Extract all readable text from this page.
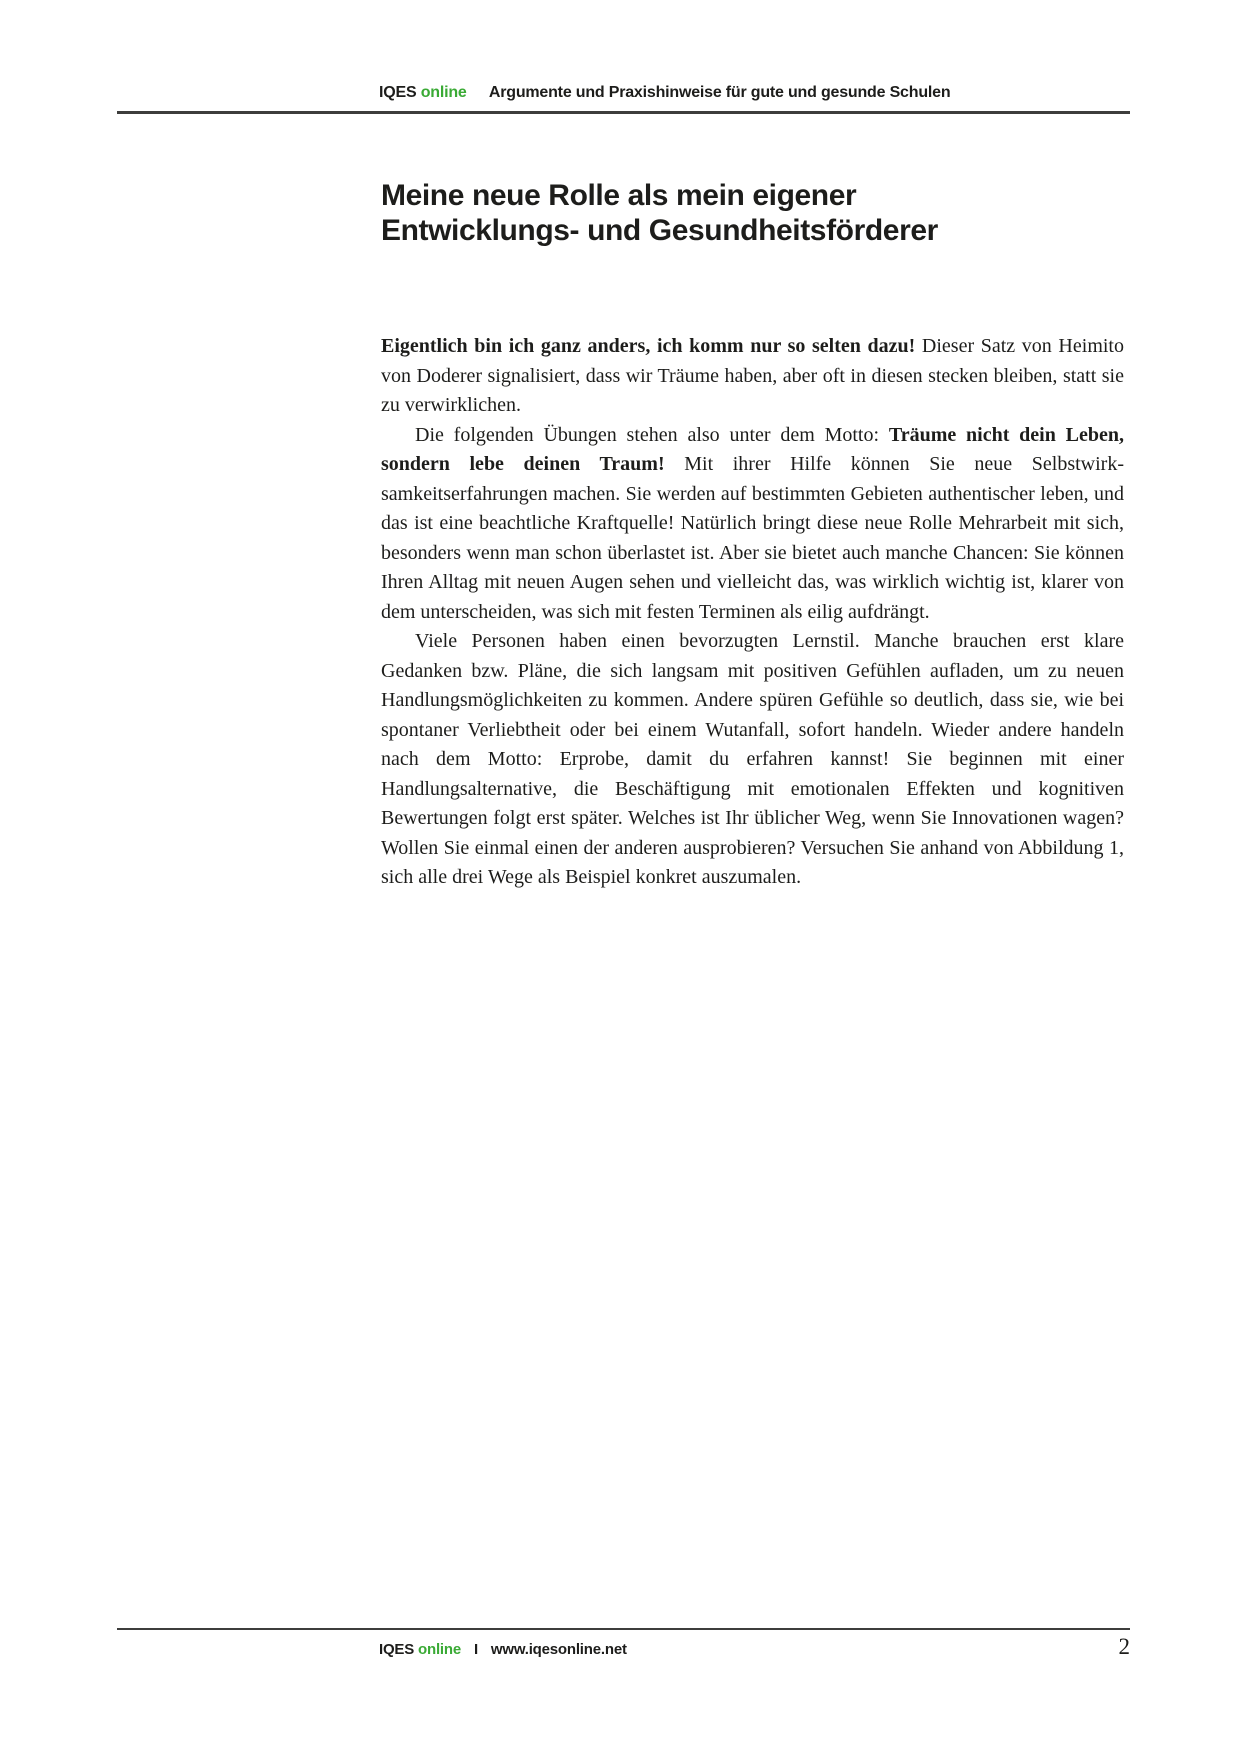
IQES online Argumente und Praxishinweise für gute und gesunde Schulen
Meine neue Rolle als mein eigener
Entwicklungs- und Gesundheitsförderer

Eigentlich bin ich ganz anders, ich komm nur so selten dazu! Dieser Satz von Heimito von Doderer signalisiert, dass wir Träume haben, aber oft in diesen stecken bleiben, statt sie zu verwirklichen.

Die folgenden Übungen stehen also unter dem Motto: Träume nicht dein Leben, sondern lebe deinen Traum! Mit ihrer Hilfe können Sie neue Selbstwirksamkeitserfahrungen machen. Sie werden auf bestimmten Gebieten authentischer leben, und das ist eine beachtliche Kraftquelle! Natürlich bringt diese neue Rolle Mehrarbeit mit sich, besonders wenn man schon überlastet ist. Aber sie bietet auch manche Chancen: Sie können Ihren Alltag mit neuen Augen sehen und vielleicht das, was wirklich wichtig ist, klarer von dem unterscheiden, was sich mit festen Terminen als eilig aufdrängt.

Viele Personen haben einen bevorzugten Lernstil. Manche brauchen erst klare Gedanken bzw. Pläne, die sich langsam mit positiven Gefühlen aufladen, um zu neuen Handlungsmöglichkeiten zu kommen. Andere spüren Gefühle so deutlich, dass sie, wie bei spontaner Verliebtheit oder bei einem Wutanfall, sofort handeln. Wieder andere handeln nach dem Motto: Erprobe, damit du erfahren kannst! Sie beginnen mit einer Handlungsalternative, die Beschäftigung mit emotionalen Effekten und kognitiven Bewertungen folgt erst später. Welches ist Ihr üblicher Weg, wenn Sie Innovationen wagen? Wollen Sie einmal einen der anderen ausprobieren? Versuchen Sie anhand von Abbildung 1, sich alle drei Wege als Beispiel konkret auszumalen.

IQES online I www.iqesonline.net	2
